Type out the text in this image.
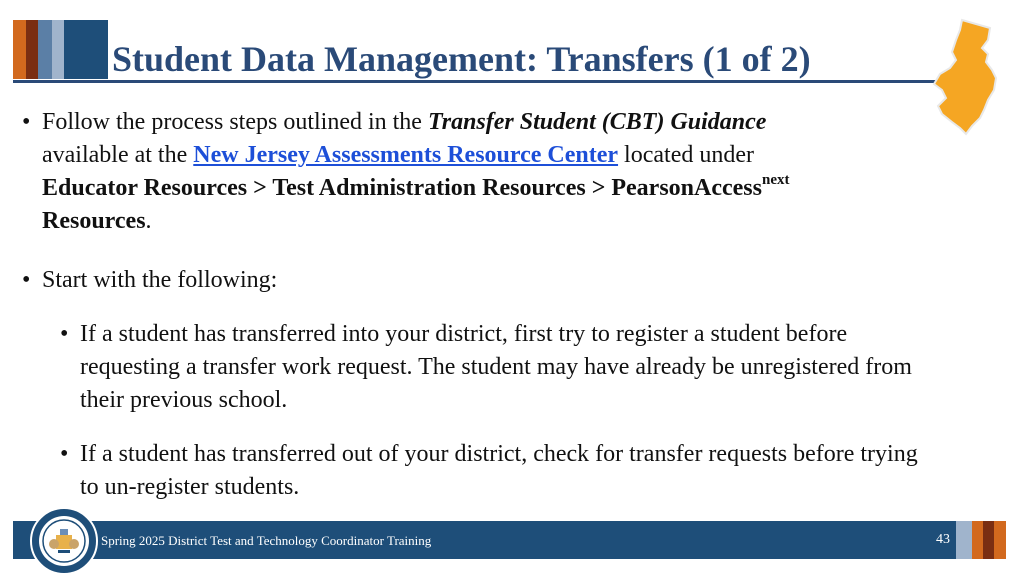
Student Data Management: Transfers (1 of 2)
• Follow the process steps outlined in the Transfer Student (CBT) Guidance
available at the New Jersey Assessments Resource Center located under
Educator Resources > Test Administration Resources > PearsonAccess$^{next}$
Resources.
• Start with the following:
• If a student has transferred into your district, first try to register a student before requesting a transfer work request. The student may have already be unregistered from their previous school.
• If a student has transferred out of your district, check for transfer requests before trying to un-register students.
Spring 2025 District Test and Technology Coordinator Training	43
